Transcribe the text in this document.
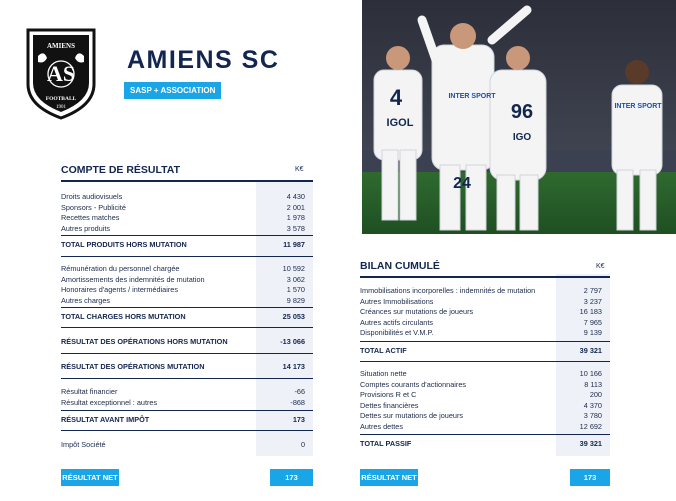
AMIENS
AS
FOOTBALL
1901
AMIENS SC
SASP + ASSOCIATION	4
24
96
IGOL
IGO
INTER SPORT
INTER SPORT
COMPTE DE RÉSULTAT	K€
Droits audiovisuels	4 430
Sponsors - Publicité	2 001
Recettes matches	1 978
Autres produits	3 578
TOTAL PRODUITS HORS MUTATION	11 987
Rémunération du personnel chargée	10 592
Amortissements des indemnités de mutation	3 062
Honoraires d'agents / intermédiaires	1 570
Autres charges	9 829
TOTAL CHARGES HORS MUTATION	25 053
RÉSULTAT DES OPÉRATIONS HORS MUTATION	-13 066
RÉSULTAT DES OPÉRATIONS MUTATION	14 173
Résultat financier	-66
Résultat exceptionnel : autres	-868
RÉSULTAT AVANT IMPÔT	173
Impôt Société	0
RÉSULTAT NET	173
BILAN CUMULÉ	K€
Immobilisations incorporelles : indemnités de mutation	2 797
Autres Immobilisations	3 237
Créances sur mutations de joueurs	16 183
Autres actifs circulants	7 965
Disponibilités et V.M.P.	9 139
TOTAL ACTIF	39 321
Situation nette	10 166
Comptes courants d'actionnaires	8 113
Provisions R et C	200
Dettes financières	4 370
Dettes sur mutations de joueurs	3 780
Autres dettes	12 692
TOTAL PASSIF	39 321
RÉSULTAT NET	173
